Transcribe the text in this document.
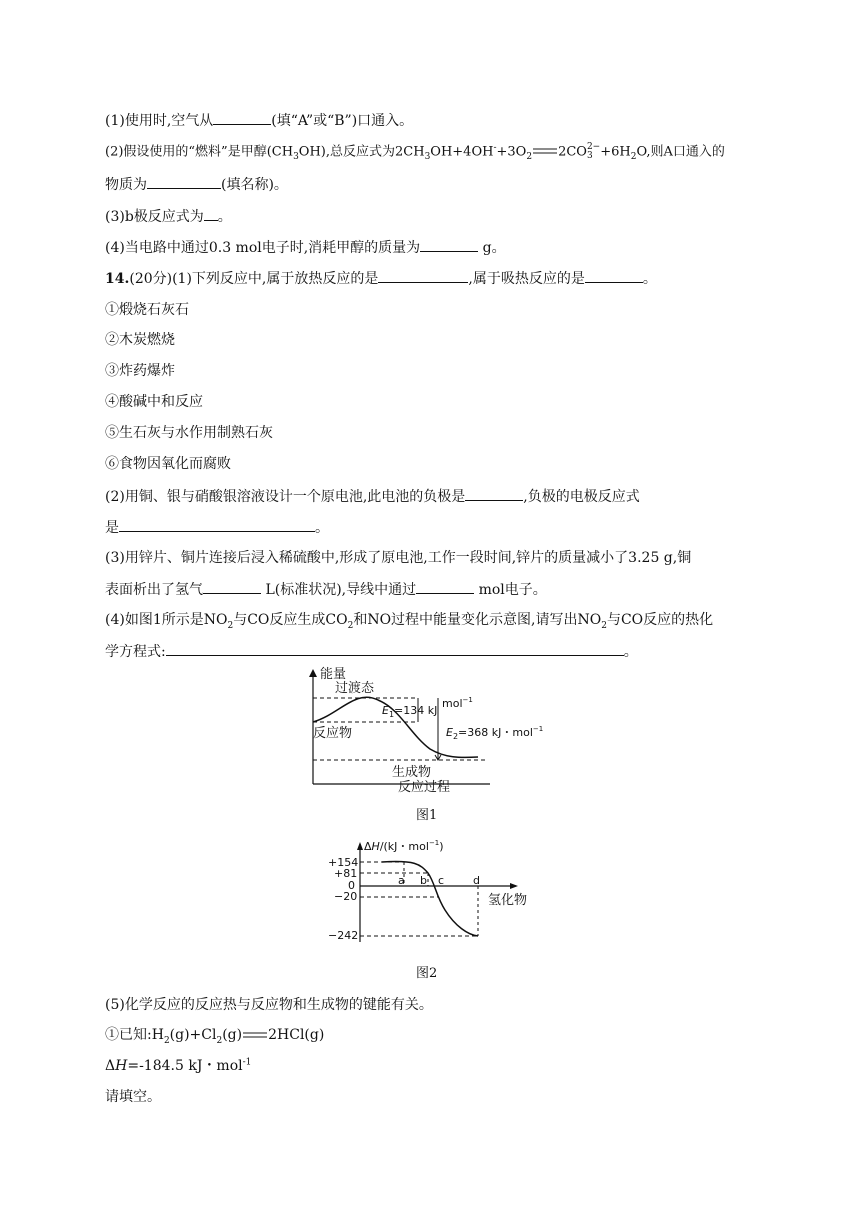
(1)使用时,空气从	(填“A”或“B”)口通入。
(2)假设使用的“燃料”是甲醇$(CH_3OH)$,总反应式为$2CH_3OH+4OH^-+3O_2$ 2CO 2−
$3 +6H_2O$,则A口通入的
物质为	(填名称)。
(3)b极反应式为 。
(4)当电路中通过0.3 mol电子时,消耗甲醇的质量为	g。
14.(20分)(1)下列反应中,属于放热反应的是	,属于吸热反应的是	。
①煅烧石灰石
②木炭燃烧
③炸药爆炸
④酸碱中和反应
⑤生石灰与水作用制熟石灰
⑥食物因氧化而腐败
(2)用铜、银与硝酸银溶液设计一个原电池,此电池的负极是	,负极的电极反应式
是	。
(3)用锌片、铜片连接后浸入稀硫酸中,形成了原电池,工作一段时间,锌片的质量减小了3.25 g,铜
表面析出了氢气	L(标准状况),导线中通过	mol电子。
(4)如图1所示是$NO_2$与CO反应生成$CO_2$和NO过程中能量变化示意图,请写出$NO_2$与CO反应的热化
学方程式:	。
能量
反应过程
过渡态
反应物
生成物
$E_1=134$ kJ
mol$^{-1}$
$E_2=368$ kJ・mol$^{-1}$
图1
ΔH/(kJ・mol$^{-1}$)
+154
+81
0
−20
−242
a b c	d
氢化物
图2
(5)化学反应的反应热与反应物和生成物的键能有关。
①已知$:H_2(g)+Cl_2(g)$ 2HCl(g)
ΔH=-184.5 kJ・mol$^{-1}$
请填空。
